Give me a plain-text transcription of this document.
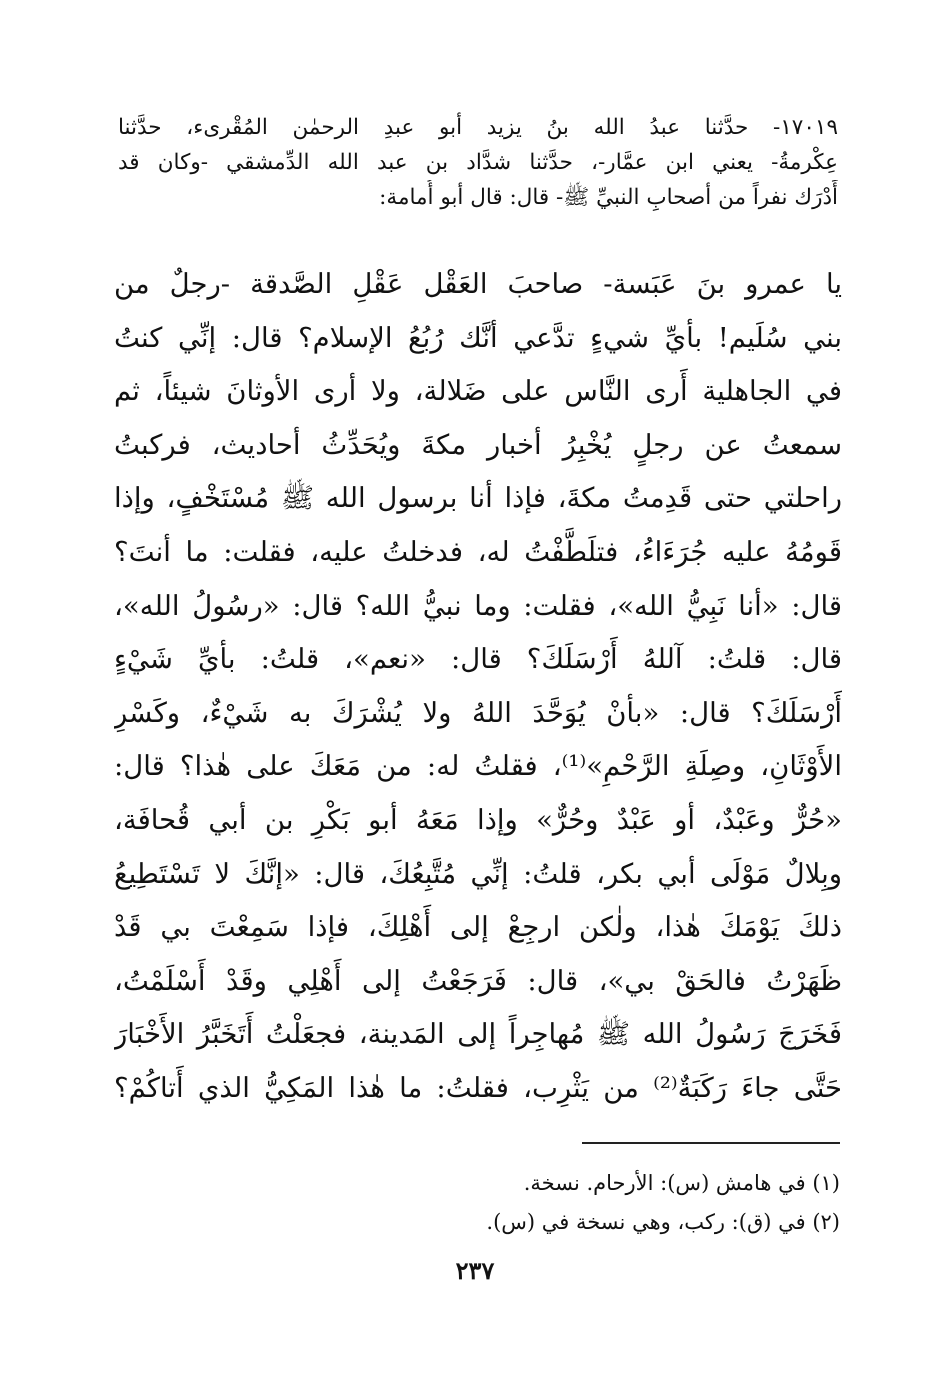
١٧٠١٩- حدَّثنا عبدُ الله بنُ يزيد أبو عبدِ الرحمٰن المُقْرىء، حدَّثنا
عِكْرمةُ- يعني ابن عمَّار-، حدَّثنا شدَّاد بن عبد الله الدِّمشقي -وكان قد
أَدْرَك نفراً من أصحابِ النبيِّ ﷺ- قال: قال أبو أُمامة:
يا عمرو بنَ عَبَسة- صاحبَ العَقْل عَقْلِ الصَّدقة -رجلٌ من
بني سُلَيم! بأيِّ شيءٍ تدَّعي أنَّك رُبُعُ الإسلام؟ قال: إنِّي كنتُ
في الجاهلية أَرى النَّاس على ضَلالة، ولا أرى الأوثانَ شيئاً، ثم
سمعتُ عن رجلٍ يُخْبِرُ أخبار مكةَ ويُحَدِّثُ أحاديث، فركبتُ
راحلتي حتى قَدِمتُ مكةَ، فإذا أنا برسول الله ﷺ مُسْتَخْفٍ، وإذا
قَومُهُ عليه جُرَءَاءُ، فتلَطَّفْتُ له، فدخلتُ عليه، فقلت: ما أنتَ؟
قال: «أنا نَبِيُّ الله»، فقلت: وما نبيُّ الله؟ قال: «رسُولُ الله»،
قال: قلتُ: آللهُ أَرْسَلَكَ؟ قال: «نعم»، قلتُ: بأيِّ شَيْءٍ
أَرْسَلَكَ؟ قال: «بأنْ يُوَحَّدَ اللهُ ولا يُشْرَكَ به شَيْءٌ، وكَسْرِ
الأَوْثَانِ، وصِلَةِ الرَّحْمِ»⁽¹⁾، فقلتُ له: من مَعَكَ على هٰذا؟ قال:
«حُرٌّ وعَبْدٌ، أو عَبْدٌ وحُرٌّ» وإذا مَعَهُ أبو بَكْرِ بن أبي قُحافَة،
وبِلالٌ مَوْلَى أبي بكر، قلتُ: إنِّي مُتَّبِعُكَ، قال: «إنَّكَ لا تَسْتَطِيعُ
ذلكَ يَوْمَكَ هٰذا، ولٰكن ارجِعْ إلى أَهْلِكَ، فإذا سَمِعْتَ بي قَدْ
ظَهَرْتُ فالحَقْ بي»، قال: فَرَجَعْتُ إلى أَهْلِي وقَدْ أَسْلَمْتُ،
فَخَرَجَ رَسُولُ الله ﷺ مُهاجِراً إلى المَدينة، فجعَلْتُ أَتَخَبَّرُ الأَخْبَارَ
حَتَّى جاءَ رَكَبَةٌ⁽²⁾ من يَثْرِب، فقلتُ: ما هٰذا المَكِيُّ الذي أَتاكُمْ؟
(١) في هامش (س): الأرحام. نسخة.
(٢) في (ق): ركب، وهي نسخة في (س).
٢٣٧
